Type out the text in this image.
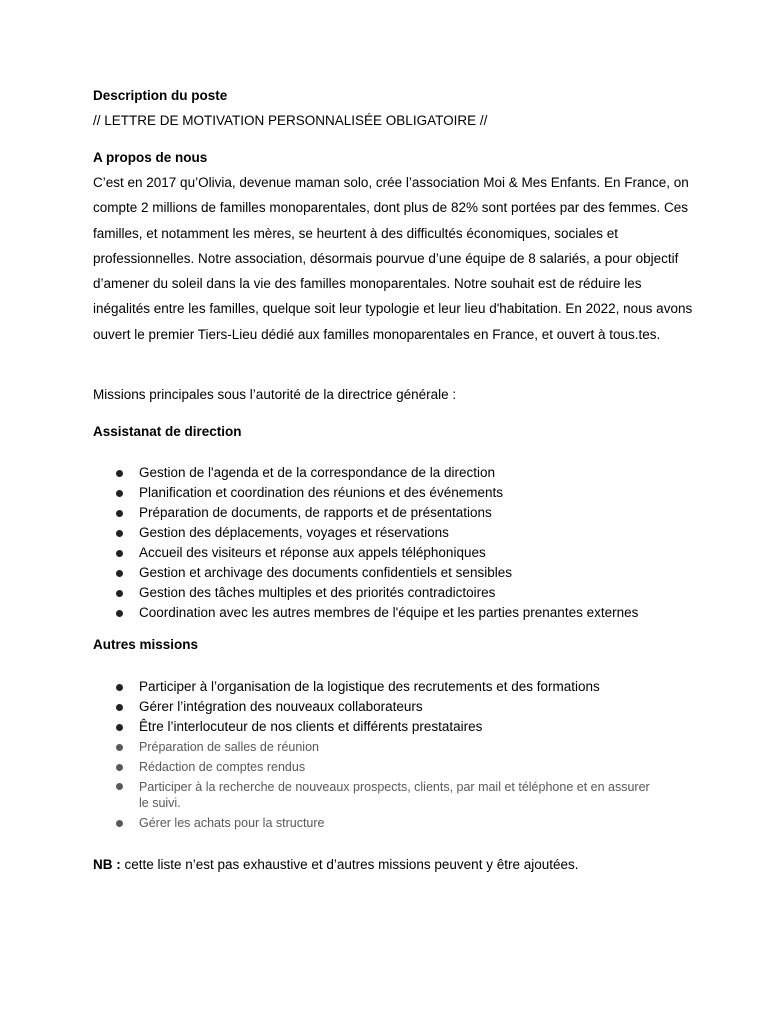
Description du poste

// LETTRE DE MOTIVATION PERSONNALISÉE OBLIGATOIRE //

A propos de nous

C’est en 2017 qu’Olivia, devenue maman solo, crée l’association Moi & Mes Enfants. En France, on compte 2 millions de familles monoparentales, dont plus de 82% sont portées par des femmes. Ces familles, et notamment les mères, se heurtent à des difficultés économiques, sociales et professionnelles. Notre association, désormais pourvue d’une équipe de 8 salariés, a pour objectif d’amener du soleil dans la vie des familles monoparentales. Notre souhait est de réduire les inégalités entre les familles, quelque soit leur typologie et leur lieu d'habitation. En 2022, nous avons ouvert le premier Tiers-Lieu dédié aux familles monoparentales en France, et ouvert à tous.tes.

Missions principales sous l’autorité de la directrice générale :

Assistanat de direction

Gestion de l'agenda et de la correspondance de la direction
Planification et coordination des réunions et des événements
Préparation de documents, de rapports et de présentations
Gestion des déplacements, voyages et réservations
Accueil des visiteurs et réponse aux appels téléphoniques
Gestion et archivage des documents confidentiels et sensibles
Gestion des tâches multiples et des priorités contradictoires
Coordination avec les autres membres de l'équipe et les parties prenantes externes

Autres missions

Participer à l’organisation de la logistique des recrutements et des formations
Gérer l’intégration des nouveaux collaborateurs
Être l’interlocuteur de nos clients et différents prestataires
Préparation de salles de réunion
Rédaction de comptes rendus
Participer à la recherche de nouveaux prospects, clients, par mail et téléphone et en assurer le suivi.
Gérer les achats pour la structure

NB : cette liste n’est pas exhaustive et d’autres missions peuvent y être ajoutées.
